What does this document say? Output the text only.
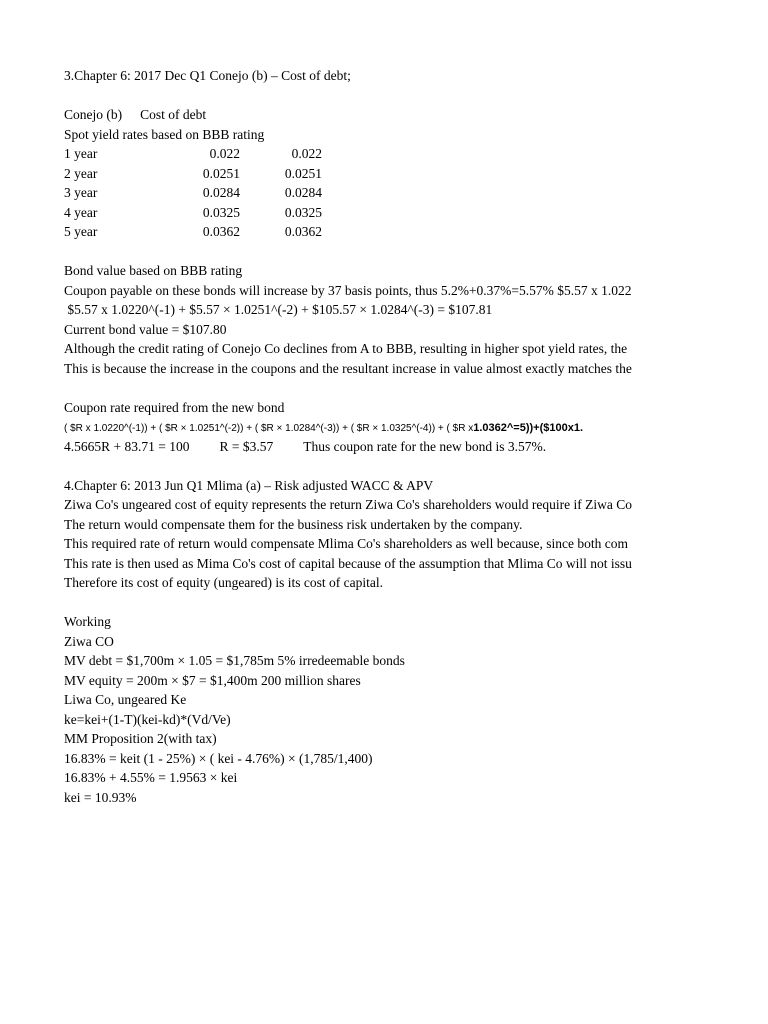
3.Chapter 6: 2017 Dec Q1 Conejo (b) – Cost of debt;
Conejo (b) Cost of debt
Spot yield rates based on BBB rating
1 year	0.022	0.022
2 year	0.0251	0.0251
3 year	0.0284	0.0284
4 year	0.0325	0.0325
5 year	0.0362	0.0362
Bond value based on BBB rating
Coupon payable on these bonds will increase by 37 basis points, thus 5.2%+0.37%=5.57% $5.57 x 1.022
$5.57 x 1.0220^(-1) + $5.57 × 1.0251^(-2) + $105.57 × 1.0284^(-3) = $107.81
Current bond value = $107.80
Although the credit rating of Conejo Co declines from A to BBB, resulting in higher spot yield rates, the
This is because the increase in the coupons and the resultant increase in value almost exactly matches the
Coupon rate required from the new bond
( $R x 1.0220^(-1)) + ( $R × 1.0251^(-2)) + ( $R × 1.0284^(-3)) + ( $R × 1.0325^(-4)) + ( $R x1.0362^=5))+($100x1.
4.5665R + 83.71 = 100 R = $3.57 Thus coupon rate for the new bond is 3.57%.
4.Chapter 6: 2013 Jun Q1 Mlima (a) – Risk adjusted WACC & APV
Ziwa Co's ungeared cost of equity represents the return Ziwa Co's shareholders would require if Ziwa Co
The return would compensate them for the business risk undertaken by the company.
This required rate of return would compensate Mlima Co's shareholders as well because, since both com
This rate is then used as Mima Co's cost of capital because of the assumption that Mlima Co will not issu
Therefore its cost of equity (ungeared) is its cost of capital.
Working
Ziwa CO
MV debt = $1,700m × 1.05 = $1,785m 5% irredeemable bonds
MV equity = 200m × $7 = $1,400m 200 million shares
Liwa Co, ungeared Ke
ke=kei+(1-T)(kei-kd)*(Vd/Ve)
MM Proposition 2(with tax)
16.83% = keit (1 - 25%) × ( kei - 4.76%) × (1,785/1,400)
16.83% + 4.55% = 1.9563 × kei
kei = 10.93%
